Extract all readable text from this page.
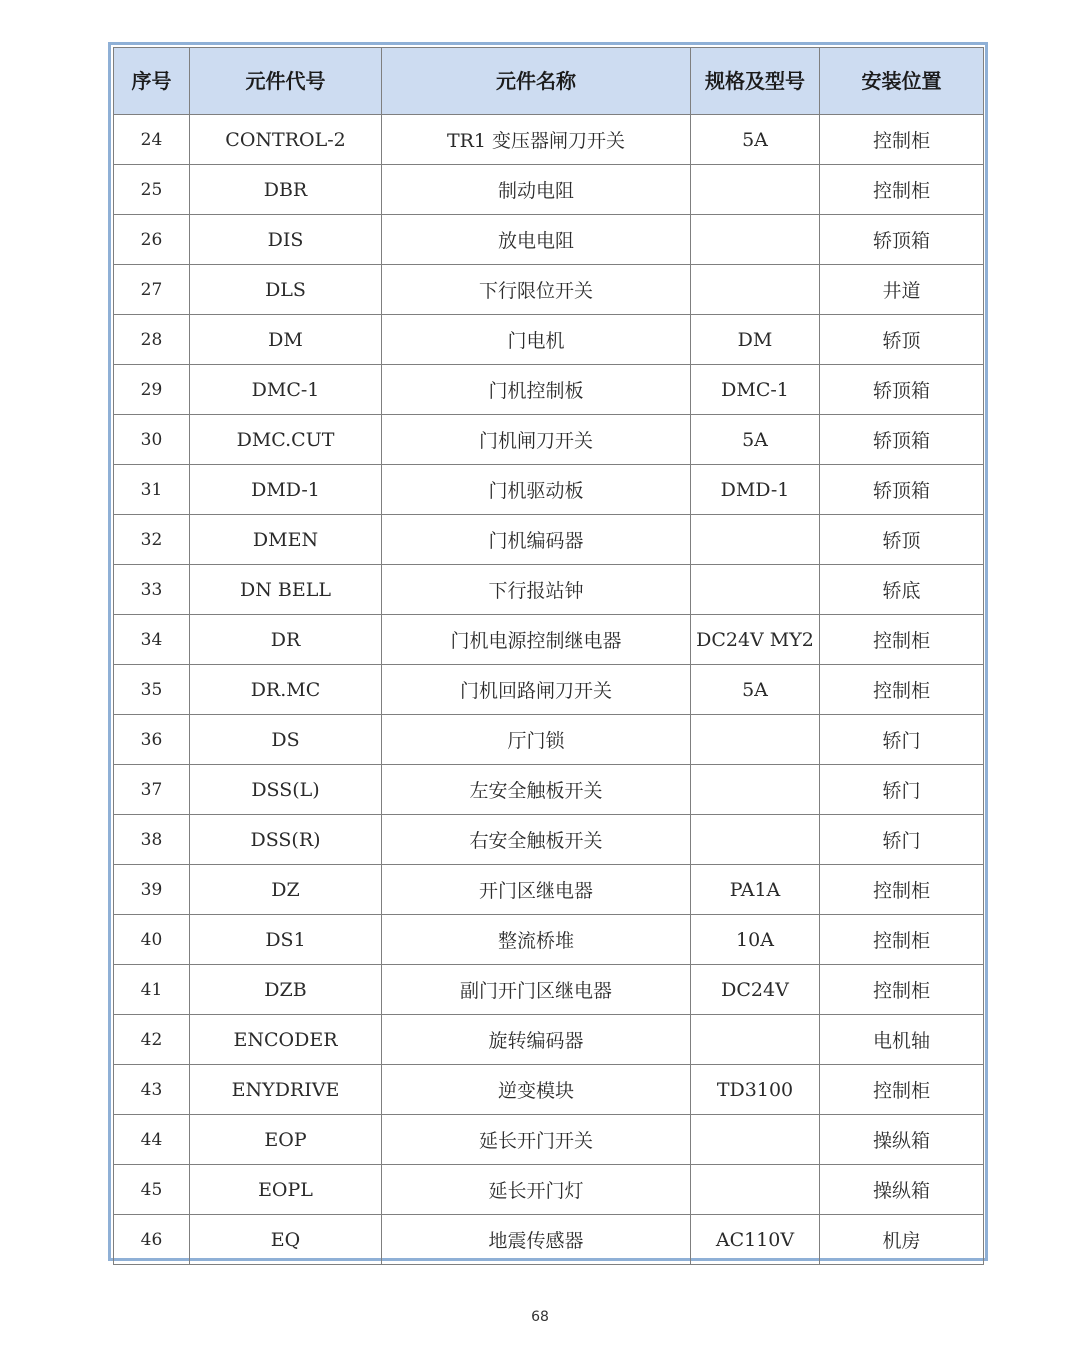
序号	元件代号	元件名称	规格及型号	安装位置
24	CONTROL-2	TR1 变压器闸刀开关	5A	控制柜
25	DBR	制动电阻		控制柜
26	DIS	放电电阻		轿顶箱
27	DLS	下行限位开关		井道
28	DM	门电机	DM	轿顶
29	DMC-1	门机控制板	DMC-1	轿顶箱
30	DMC.CUT	门机闸刀开关	5A	轿顶箱
31	DMD-1	门机驱动板	DMD-1	轿顶箱
32	DMEN	门机编码器		轿顶
33	DN BELL	下行报站钟		轿底
34	DR	门机电源控制继电器	DC24V MY2	控制柜
35	DR.MC	门机回路闸刀开关	5A	控制柜
36	DS	厅门锁		轿门
37	DSS(L)	左安全触板开关		轿门
38	DSS(R)	右安全触板开关		轿门
39	DZ	开门区继电器	PA1A	控制柜
40	DS1	整流桥堆	10A	控制柜
41	DZB	副门开门区继电器	DC24V	控制柜
42	ENCODER	旋转编码器		电机轴
43	ENYDRIVE	逆变模块	TD3100	控制柜
44	EOP	延长开门开关		操纵箱
45	EOPL	延长开门灯		操纵箱
46	EQ	地震传感器	AC110V	机房
68
